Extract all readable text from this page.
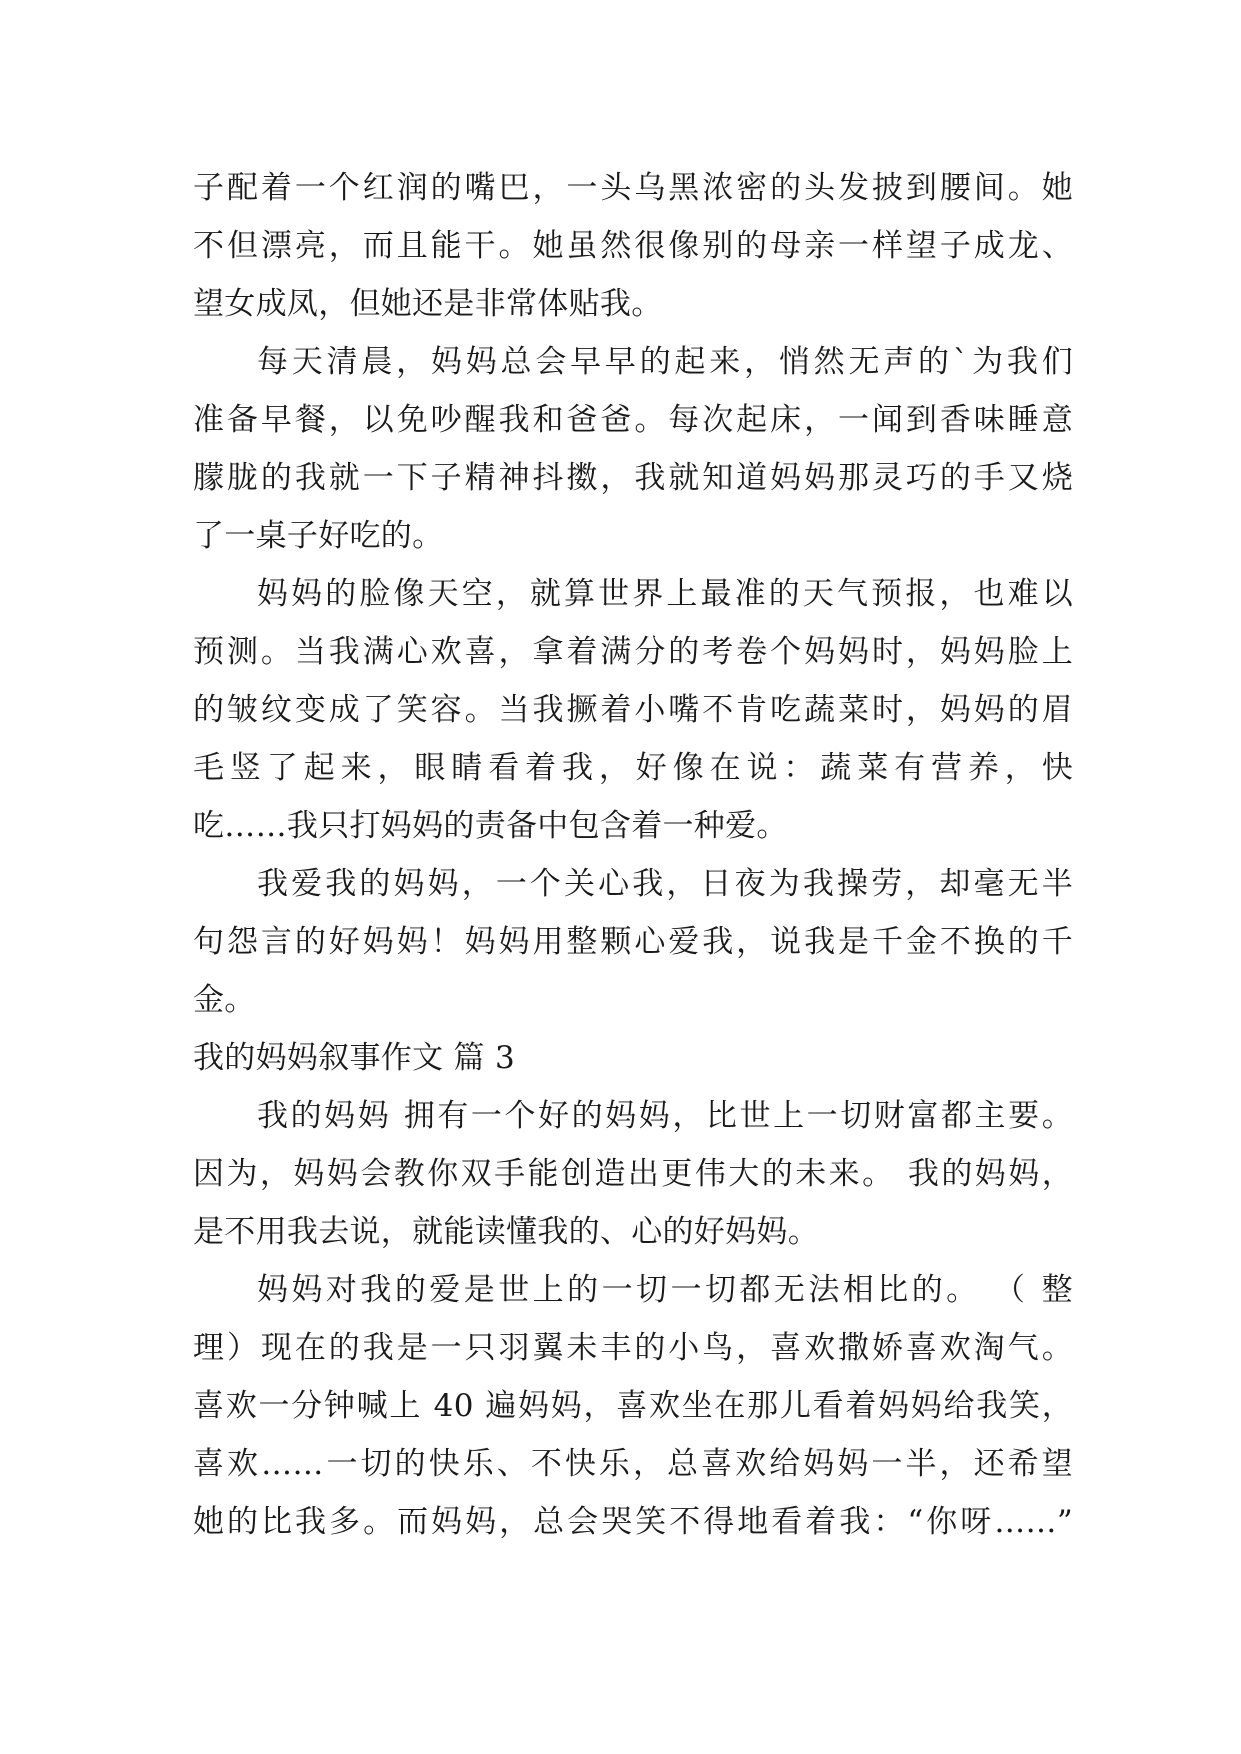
子配着一个红润的嘴巴，一头乌黑浓密的头发披到腰间。她
不但漂亮，而且能干。她虽然很像别的母亲一样望子成龙、
望女成凤，但她还是非常体贴我。
每天清晨，妈妈总会早早的起来，悄然无声的`为我们
准备早餐，以免吵醒我和爸爸。每次起床，一闻到香味睡意
朦胧的我就一下子精神抖擞，我就知道妈妈那灵巧的手又烧
了一桌子好吃的。
妈妈的脸像天空，就算世界上最准的天气预报，也难以
预测。当我满心欢喜，拿着满分的考卷个妈妈时，妈妈脸上
的皱纹变成了笑容。当我撅着小嘴不肯吃蔬菜时，妈妈的眉
毛竖了起来，眼睛看着我，好像在说：蔬菜有营养，快
吃……我只打妈妈的责备中包含着一种爱。
我爱我的妈妈，一个关心我，日夜为我操劳，却毫无半
句怨言的好妈妈！妈妈用整颗心爱我，说我是千金不换的千
金。
我的妈妈叙事作文 篇 3
我的妈妈 拥有一个好的妈妈，比世上一切财富都主要。
因为，妈妈会教你双手能创造出更伟大的未来。 我的妈妈，
是不用我去说，就能读懂我的、心的好妈妈。
妈妈对我的爱是世上的一切一切都无法相比的。 （ 整
理）现在的我是一只羽翼未丰的小鸟，喜欢撒娇喜欢淘气。
喜欢一分钟喊上 40 遍妈妈，喜欢坐在那儿看着妈妈给我笑，
喜欢……一切的快乐、不快乐，总喜欢给妈妈一半，还希望
她的比我多。而妈妈，总会哭笑不得地看着我：“你呀……”
